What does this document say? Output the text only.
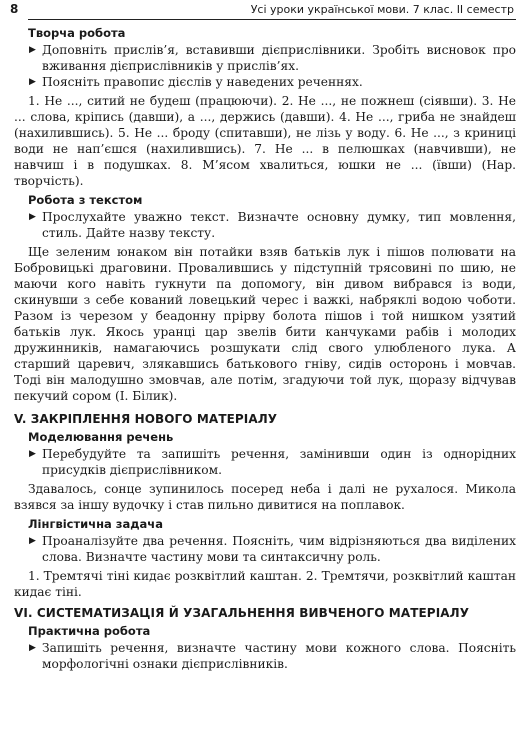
8	Усі уроки української мови. 7 клас. ІІ семестр
Творча робота

▶ Доповніть прислів’я, вставивши дієприслівники. Зробіть висновок про вживання дієприслівників у прислів’ях.

▶ Поясніть правопис дієслів у наведених реченнях.

1. Не ..., ситий не будеш (працюючи). 2. Не ..., не пожнеш (сіявши). 3. Не ... слова, кріпись (давши), а ..., держись (давши). 4. Не ..., гриба не знайдеш (нахилившись). 5. Не ... броду (спитавши), не лізь у воду. 6. Не ..., з криниці води не нап’єшся (нахилившись). 7. Не ... в пелюшках (навчивши), не навчиш і в подушках. 8. М’ясом хвалиться, юшки не ... (ївши) (Нар. творчість).

Робота з текстом

▶ Прослухайте уважно текст. Визначте основну думку, тип мовлення, стиль. Дайте назву тексту.

Ще зеленим юнаком він потайки взяв батьків лук і пішов полювати на Бобровицькі драговини. Провалившись у підступній трясовині по шию, не маючи кого навіть гукнути па допомогу, він дивом вибрався із води, скинувши з себе кований ловецький черес і важкі, набряклі водою чоботи. Разом із черезом у беадонну прірву болота пішов і той нишком узятий батьків лук. Якось уранці цар звелів бити канчуками рабів і молодих дружинників, намагаючись розшукати слід свого улюбленого лука. А старший царевич, злякавшись батькового гніву, сидів осторонь і мовчав. Тоді він малодушно змовчав, але потім, згадуючи той лук, щоразу відчував пекучий сором (І. Білик).

V. ЗАКРІПЛЕННЯ НОВОГО МАТЕРІАЛУ
Моделювання речень

▶ Перебудуйте та запишіть речення, замінивши один із однорідних присудків дієприслівником.

Здавалось, сонце зупинилось посеред неба і далі не рухалося. Микола взявся за іншу вудочку і став пильно дивитися на поплавок.

Лінгвістична задача

▶ Проаналізуйте два речення. Поясніть, чим відрізняються два виділених слова. Визначте частину мови та синтаксичну роль.

1. Тремтячі тіні кидає розквітлий каштан. 2. Тремтячи, розквітлий каштан кидає тіні.

VI. СИСТЕМАТИЗАЦІЯ Й УЗАГАЛЬНЕННЯ ВИВЧЕНОГО МАТЕРІАЛУ
Практична робота

▶ Запишіть речення, визначте частину мови кожного слова. Поясніть морфологічні ознаки дієприслівників.
